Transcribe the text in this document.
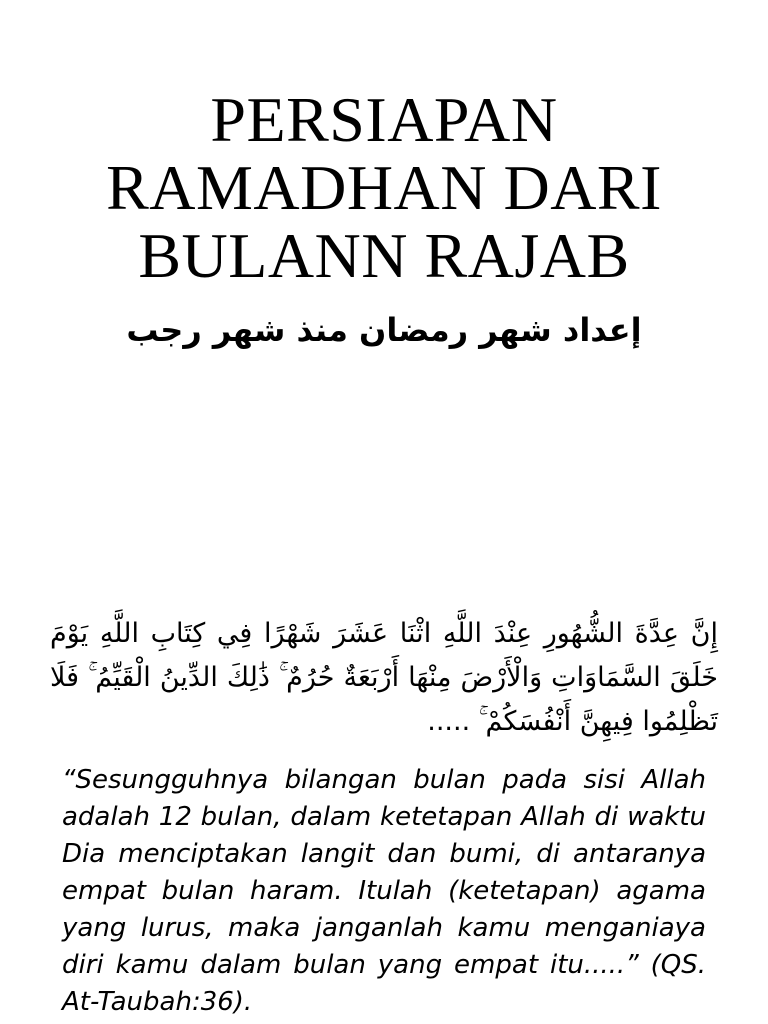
PERSIAPAN
RAMADHAN DARI
BULANN RAJAB
إعداد شهر رمضان منذ شهر رجب
إِنَّ عِدَّةَ الشُّهُورِ عِنْدَ اللَّهِ اثْنَا عَشَرَ شَهْرًا فِي كِتَابِ اللَّهِ يَوْمَ خَلَقَ السَّمَاوَاتِ وَالْأَرْضَ مِنْهَا أَرْبَعَةٌ حُرُمٌ ۚ ذَٰلِكَ الدِّينُ الْقَيِّمُ ۚ فَلَا تَظْلِمُوا فِيهِنَّ أَنْفُسَكُمْ ۚ .....
“Sesungguhnya bilangan bulan pada sisi Allah adalah 12 bulan, dalam ketetapan Allah di waktu Dia menciptakan langit dan bumi, di antaranya empat bulan haram. Itulah (ketetapan) agama yang lurus, maka janganlah kamu menganiaya diri kamu dalam bulan yang empat itu.....” (QS. At-Taubah:36).
